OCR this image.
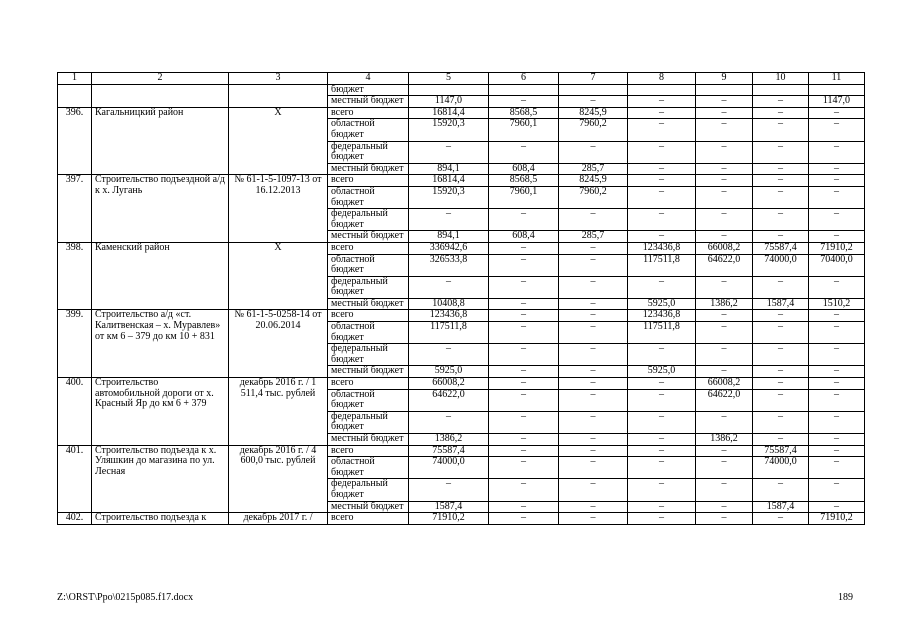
1	2	3	4	5	6	7	8	9	10	11
			бюджет							
			местный бюджет	1147,0	–	–	–	–	–	1147,0
396.	Кагальницкий район	Х	всего	16814,4	8568,5	8245,9	–	–	–	–
			областной бюджет	15920,3	7960,1	7960,2	–	–	–	–
			федеральный бюджет	–	–	–	–	–	–	–
			местный бюджет	894,1	608,4	285,7	–	–	–	–
397.	Строительство подъездной а/д к х. Лугань	№ 61-1-5-1097-13 от 16.12.2013	всего	16814,4	8568,5	8245,9	–	–	–	–
			областной бюджет	15920,3	7960,1	7960,2	–	–	–	–
			федеральный бюджет	–	–	–	–	–	–	–
			местный бюджет	894,1	608,4	285,7	–	–	–	–
398.	Каменский район	Х	всего	336942,6	–	–	123436,8	66008,2	75587,4	71910,2
			областной бюджет	326533,8	–	–	117511,8	64622,0	74000,0	70400,0
			федеральный бюджет	–	–	–	–	–	–	–
			местный бюджет	10408,8	–	–	5925,0	1386,2	1587,4	1510,2
399.	Строительство а/д «ст. Калитвенская – х. Муравлев» от км 6 – 379 до км 10 + 831	№ 61-1-5-0258-14 от 20.06.2014	всего	123436,8	–	–	123436,8	–	–	–
			областной бюджет	117511,8	–	–	117511,8	–	–	–
			федеральный бюджет	–	–	–	–	–	–	–
			местный бюджет	5925,0	–	–	5925,0	–	–	–
400.	Строительство автомобильной дороги от х. Красный Яр до км 6 + 379	декабрь 2016 г. / 1 511,4 тыс. рублей	всего	66008,2	–	–	–	66008,2	–	–
			областной бюджет	64622,0	–	–	–	64622,0	–	–
			федеральный бюджет	–	–	–	–	–	–	–
			местный бюджет	1386,2	–	–	–	1386,2	–	–
401.	Строительство подъезда к х. Уляшкин до магазина по ул. Лесная	декабрь 2016 г. / 4 600,0 тыс. рублей	всего	75587,4	–	–	–	–	75587,4	–
			областной бюджет	74000,0	–	–	–	–	74000,0	–
			федеральный бюджет	–	–	–	–	–	–	–
			местный бюджет	1587,4	–	–	–	–	1587,4	–
402.	Строительство подъезда к	декабрь 2017 г. /	всего	71910,2	–	–	–	–	–	71910,2
Z:\ORST\Ppo\0215p085.f17.docx	189
